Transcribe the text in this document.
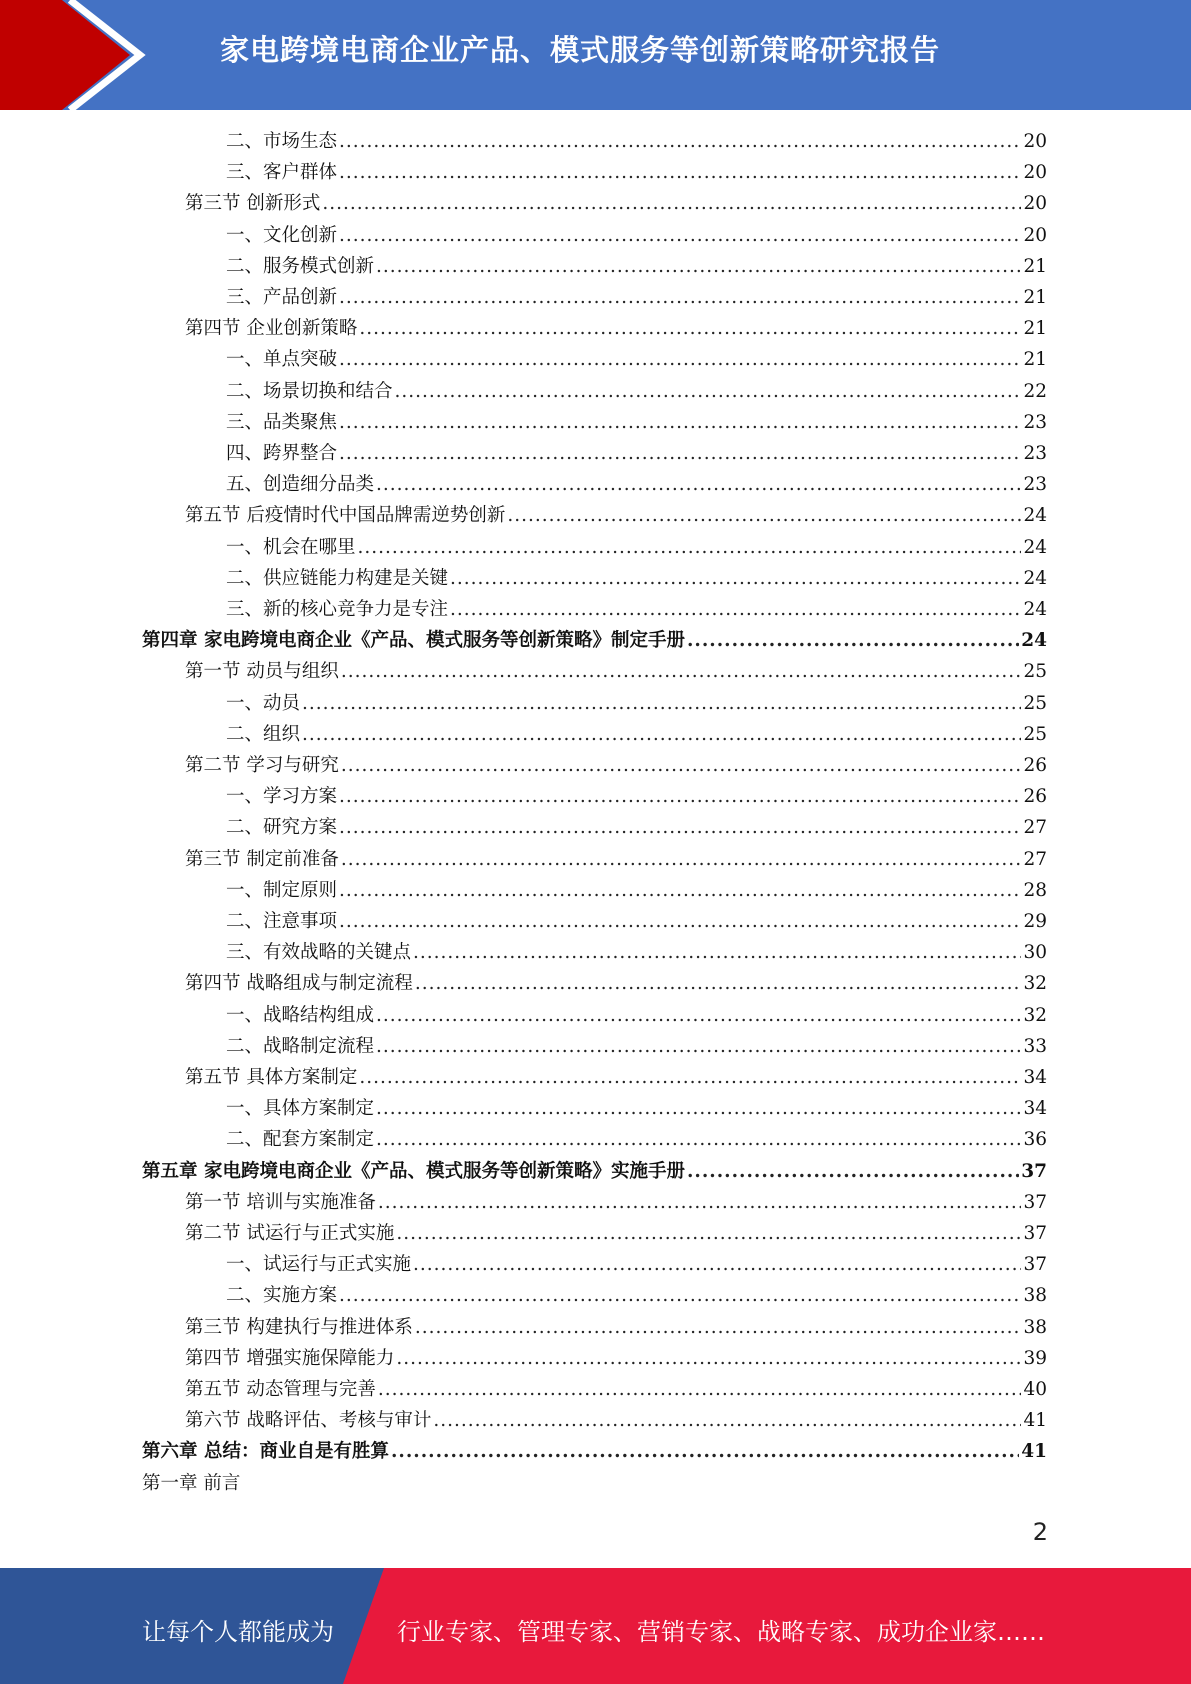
家电跨境电商企业产品、模式服务等创新策略研究报告
二、市场生态 .....	20
三、客户群体 .....	20
第三节 创新形式 .....	20
一、文化创新 .....	20
二、服务模式创新 .....	21
三、产品创新 .....	21
第四节 企业创新策略 .....	21
一、单点突破 .....	21
二、场景切换和结合 .....	22
三、品类聚焦 .....	23
四、跨界整合 .....	23
五、创造细分品类 .....	23
第五节 后疫情时代中国品牌需逆势创新 .....	24
一、机会在哪里 .....	24
二、供应链能力构建是关键 .....	24
三、新的核心竞争力是专注 .....	24
第四章 家电跨境电商企业《产品、模式服务等创新策略》制定手册 .....	24
第一节 动员与组织 .....	25
一、动员 .....	25
二、组织 .....	25
第二节 学习与研究 .....	26
一、学习方案 .....	26
二、研究方案 .....	27
第三节 制定前准备 .....	27
一、制定原则 .....	28
二、注意事项 .....	29
三、有效战略的关键点 .....	30
第四节 战略组成与制定流程 .....	32
一、战略结构组成 .....	32
二、战略制定流程 .....	33
第五节 具体方案制定 .....	34
一、具体方案制定 .....	34
二、配套方案制定 .....	36
第五章 家电跨境电商企业《产品、模式服务等创新策略》实施手册 .....	37
第一节 培训与实施准备 .....	37
第二节 试运行与正式实施 .....	37
一、试运行与正式实施 .....	37
二、实施方案 .....	38
第三节 构建执行与推进体系 .....	38
第四节 增强实施保障能力 .....	39
第五节 动态管理与完善 .....	40
第六节 战略评估、考核与审计 .....	41
第六章 总结：商业自是有胜算 .....	41
第一章 前言
2
让每个人都能成为	行业专家、管理专家、营销专家、战略专家、成功企业家……
